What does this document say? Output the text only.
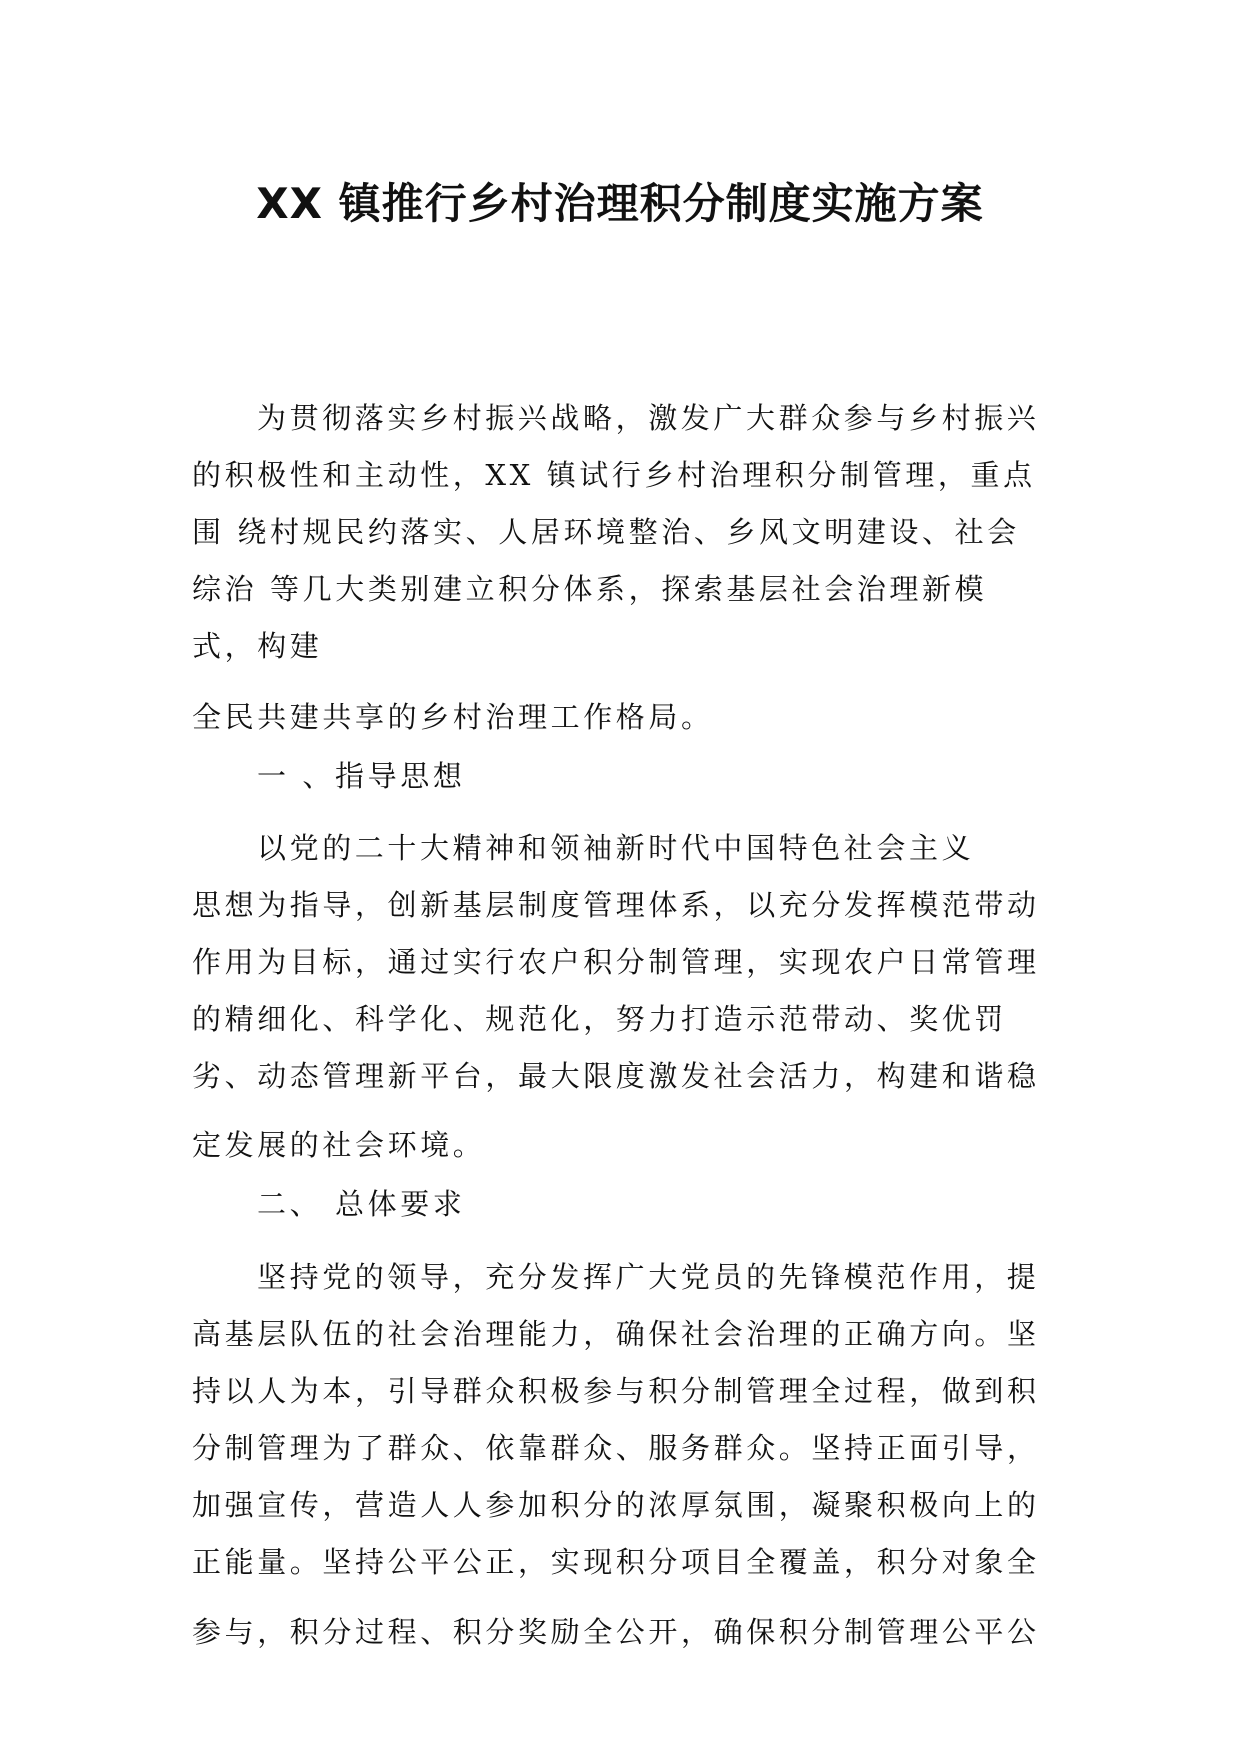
XX 镇推行乡村治理积分制度实施方案
为贯彻落实乡村振兴战略，激发广大群众参与乡村振兴
的积极性和主动性，XX 镇试行乡村治理积分制管理，重点
围 绕村规民约落实、人居环境整治、乡风文明建设、社会
综治 等几大类别建立积分体系，探索基层社会治理新模
式，构建
全民共建共享的乡村治理工作格局。
一 、指导思想
以党的二十大精神和领袖新时代中国特色社会主义
思想为指导，创新基层制度管理体系，以充分发挥模范带动
作用为目标，通过实行农户积分制管理，实现农户日常管理
的精细化、科学化、规范化，努力打造示范带动、奖优罚
劣、动态管理新平台，最大限度激发社会活力，构建和谐稳
定发展的社会环境。
二、 总体要求
坚持党的领导，充分发挥广大党员的先锋模范作用，提
高基层队伍的社会治理能力，确保社会治理的正确方向。坚
持以人为本，引导群众积极参与积分制管理全过程，做到积
分制管理为了群众、依靠群众、服务群众。坚持正面引导，
加强宣传，营造人人参加积分的浓厚氛围，凝聚积极向上的
正能量。坚持公平公正，实现积分项目全覆盖，积分对象全
参与，积分过程、积分奖励全公开，确保积分制管理公平公
